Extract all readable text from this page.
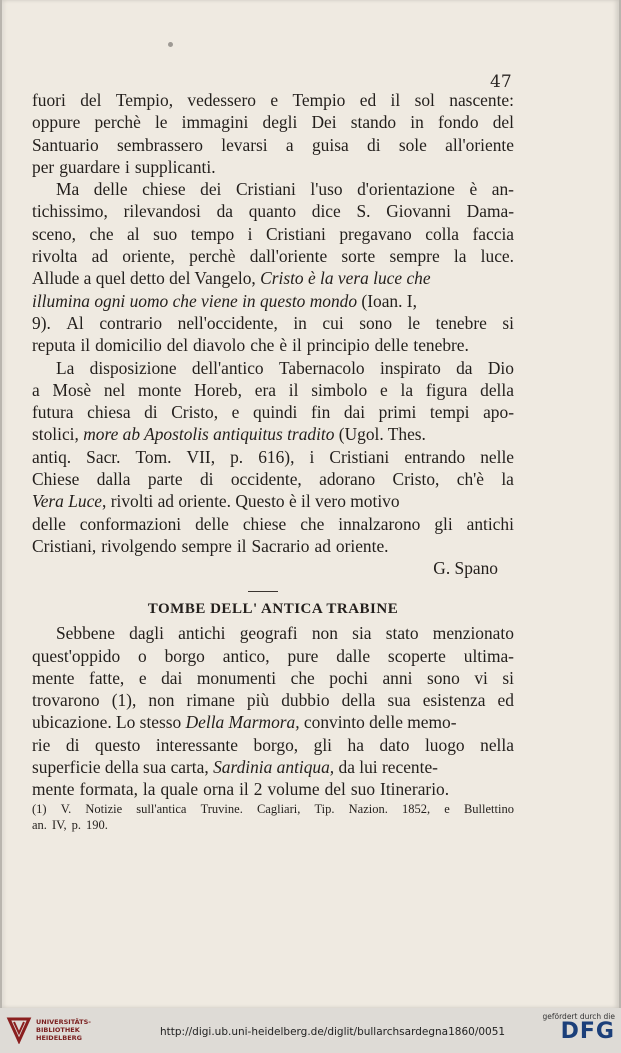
47
fuori del Tempio, vedessero e Tempio ed il sol nascente:
oppure perchè le immagini degli Dei stando in fondo del
Santuario sembrassero levarsi a guisa di sole all'oriente
per guardare i supplicanti.
Ma delle chiese dei Cristiani l'uso d'orientazione è an-
tichissimo, rilevandosi da quanto dice S. Giovanni Dama-
sceno, che al suo tempo i Cristiani pregavano colla faccia
rivolta ad oriente, perchè dall'oriente sorte sempre la luce.
Allude a quel detto del Vangelo, Cristo è la vera luce che
illumina ogni uomo che viene in questo mondo (Ioan. I,
9). Al contrario nell'occidente, in cui sono le tenebre si
reputa il domicilio del diavolo che è il principio delle tenebre.
La disposizione dell'antico Tabernacolo inspirato da Dio
a Mosè nel monte Horeb, era il simbolo e la figura della
futura chiesa di Cristo, e quindi fin dai primi tempi apo-
stolici, more ab Apostolis antiquitus tradito (Ugol. Thes.
antiq. Sacr. Tom. VII, p. 616), i Cristiani entrando nelle
Chiese dalla parte di occidente, adorano Cristo, ch'è la
Vera Luce, rivolti ad oriente. Questo è il vero motivo
delle conformazioni delle chiese che innalzarono gli antichi
Cristiani, rivolgendo sempre il Sacrario ad oriente.
G. Spano
TOMBE DELL' ANTICA TRABINE
Sebbene dagli antichi geografi non sia stato menzionato
quest'oppido o borgo antico, pure dalle scoperte ultima-
mente fatte, e dai monumenti che pochi anni sono vi si
trovarono (1), non rimane più dubbio della sua esistenza ed
ubicazione. Lo stesso Della Marmora, convinto delle memo-
rie di questo interessante borgo, gli ha dato luogo nella
superficie della sua carta, Sardinia antiqua, da lui recente-
mente formata, la quale orna il 2 volume del suo Itinerario.
(1) V. Notizie sull'antica Truvine. Cagliari, Tip. Nazion. 1852, e Bullettino
an. IV, p. 190.
UNIVERSITÄTS-
BIBLIOTHEK
HEIDELBERG	http://digi.ub.uni-heidelberg.de/diglit/bullarchsardegna1860/0051
gefördert durch die
DFG
